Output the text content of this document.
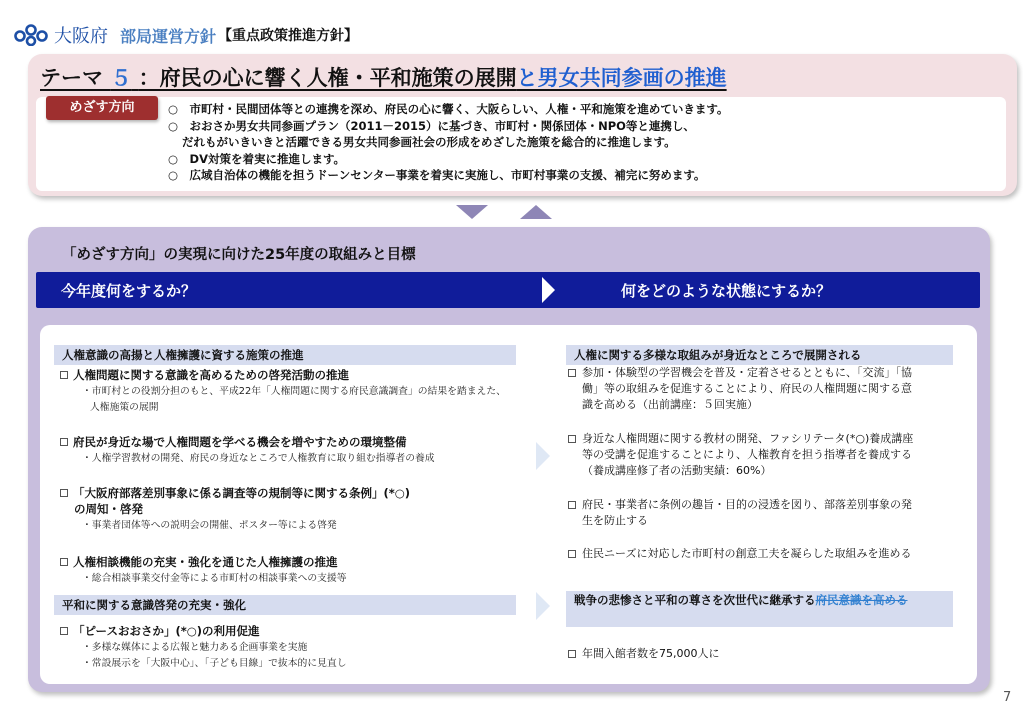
大阪府 部局運営方針 【重点政策推進方針】
テーマ ５ ：府民の心に響く人権・平和施策の展開と男女共同参画の推進
○　市町村・民間団体等との連携を深め、府民の心に響く、大阪らしい、人権・平和施策を進めていきます。
○　おおさか男女共同参画プラン（2011－2015）に基づき、市町村・関係団体・NPO等と連携し、
だれもがいきいきと活躍できる男女共同参画社会の形成をめざした施策を総合的に推進します。
○　DV対策を着実に推進します。
○　広域自治体の機能を担うドーンセンター事業を着実に実施し、市町村事業の支援、補完に努めます。
めざす方向
「めざす方向」の実現に向けた25年度の取組みと目標
今年度何をするか？	何をどのような状態にするか？
人権意識の高揚と人権擁護に資する施策の推進
人権問題に関する意識を高めるための啓発活動の推進
・市町村との役割分担のもと、平成22年「人権問題に関する府民意識調査」の結果を踏まえた、
人権施策の展開
府民が身近な場で人権問題を学べる機会を増やすための環境整備
・人権学習教材の開発、府民の身近なところで人権教育に取り組む指導者の養成
「大阪府部落差別事象に係る調査等の規制等に関する条例」(*○)
の周知・啓発
・事業者団体等への説明会の開催、ポスター等による啓発
人権相談機能の充実・強化を通じた人権擁護の推進
・総合相談事業交付金等による市町村の相談事業への支援等
平和に関する意識啓発の充実・強化
「ピースおおさか」(*○)の利用促進
・多様な媒体による広報と魅力ある企画事業を実施
・常設展示を「大阪中心」、「子ども目線」で抜本的に見直し
人権に関する多様な取組みが身近なところで展開される
参加・体験型の学習機会を普及・定着させるとともに、「交流」「協働」等の取組みを促進することにより、府民の人権問題に関する意識を高める（出前講座：５回実施）
身近な人権問題に関する教材の開発、ファシリテータ(*○)養成講座等の受講を促進することにより、人権教育を担う指導者を養成する（養成講座修了者の活動実績：60%）
府民・事業者に条例の趣旨・目的の浸透を図り、部落差別事象の発生を防止する
住民ニーズに対応した市町村の創意工夫を凝らした取組みを進める
戦争の悲惨さと平和の尊さを次世代に継承する府民意識を高める
年間入館者数を75,000人に
7
